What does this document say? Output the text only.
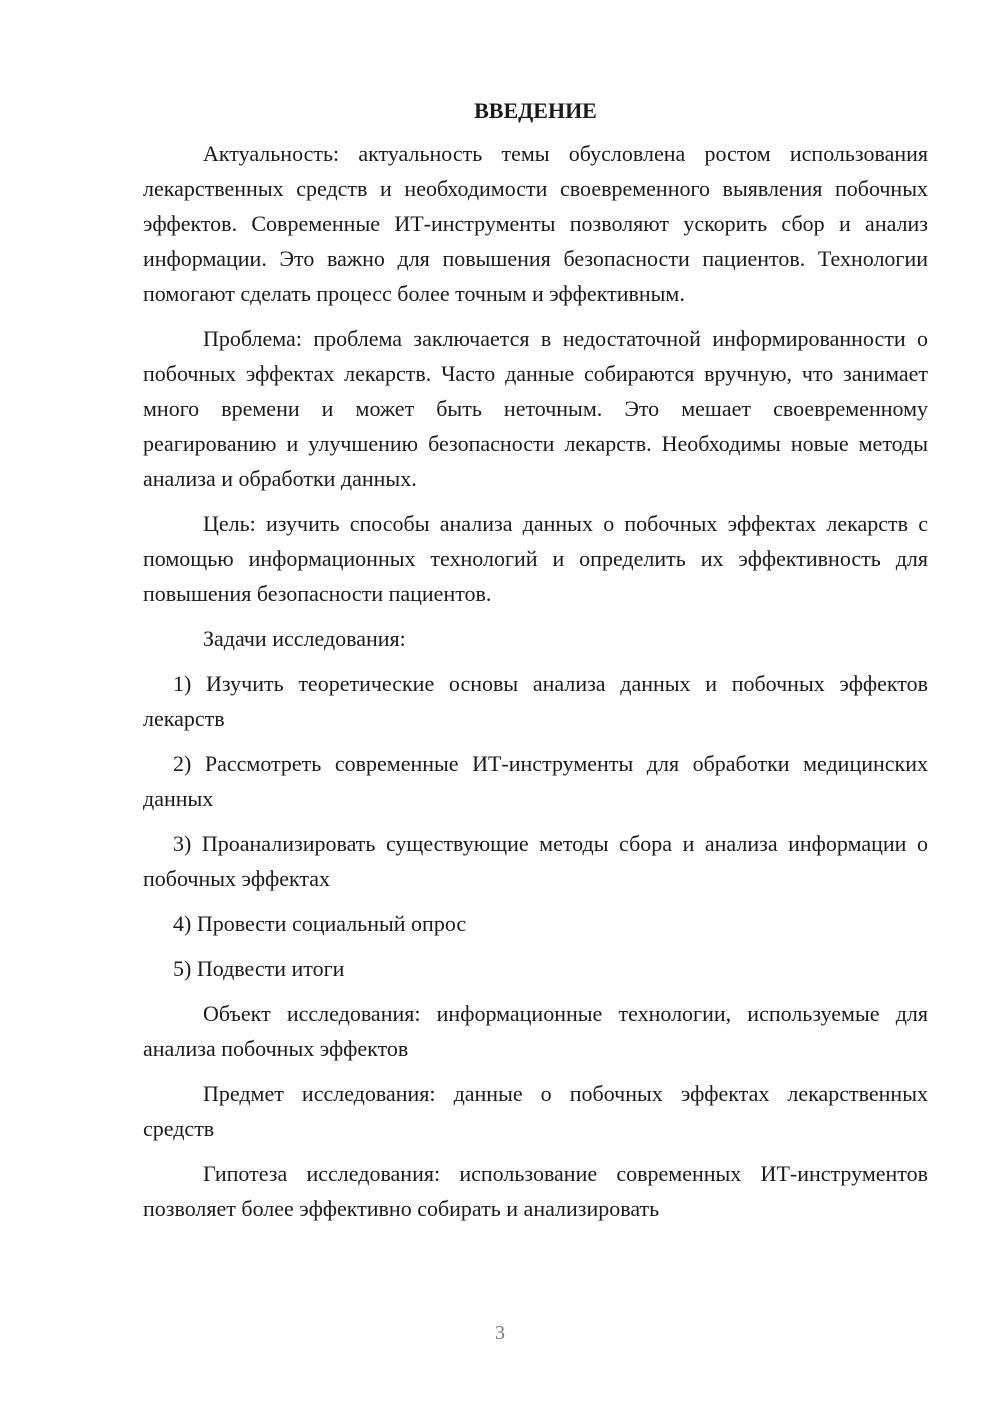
ВВЕДЕНИЕ

Актуальность: актуальность темы обусловлена ростом использования лекарственных средств и необходимости своевременного выявления побочных эффектов. Современные ИТ-инструменты позволяют ускорить сбор и анализ информации. Это важно для повышения безопасности пациентов. Технологии помогают сделать процесс более точным и эффективным.

Проблема: проблема заключается в недостаточной информированности о побочных эффектах лекарств. Часто данные собираются вручную, что занимает много времени и может быть неточным. Это мешает своевременному реагированию и улучшению безопасности лекарств. Необходимы новые методы анализа и обработки данных.

Цель: изучить способы анализа данных о побочных эффектах лекарств с помощью информационных технологий и определить их эффективность для повышения безопасности пациентов.

Задачи исследования:

1) Изучить теоретические основы анализа данных и побочных эффектов лекарств

2) Рассмотреть современные ИТ-инструменты для обработки медицинских данных

3) Проанализировать существующие методы сбора и анализа информации о побочных эффектах

4) Провести социальный опрос

5) Подвести итоги

Объект исследования: информационные технологии, используемые для анализа побочных эффектов

Предмет исследования: данные о побочных эффектах лекарственных средств

Гипотеза исследования: использование современных ИТ-инструментов позволяет более эффективно собирать и анализировать

3
